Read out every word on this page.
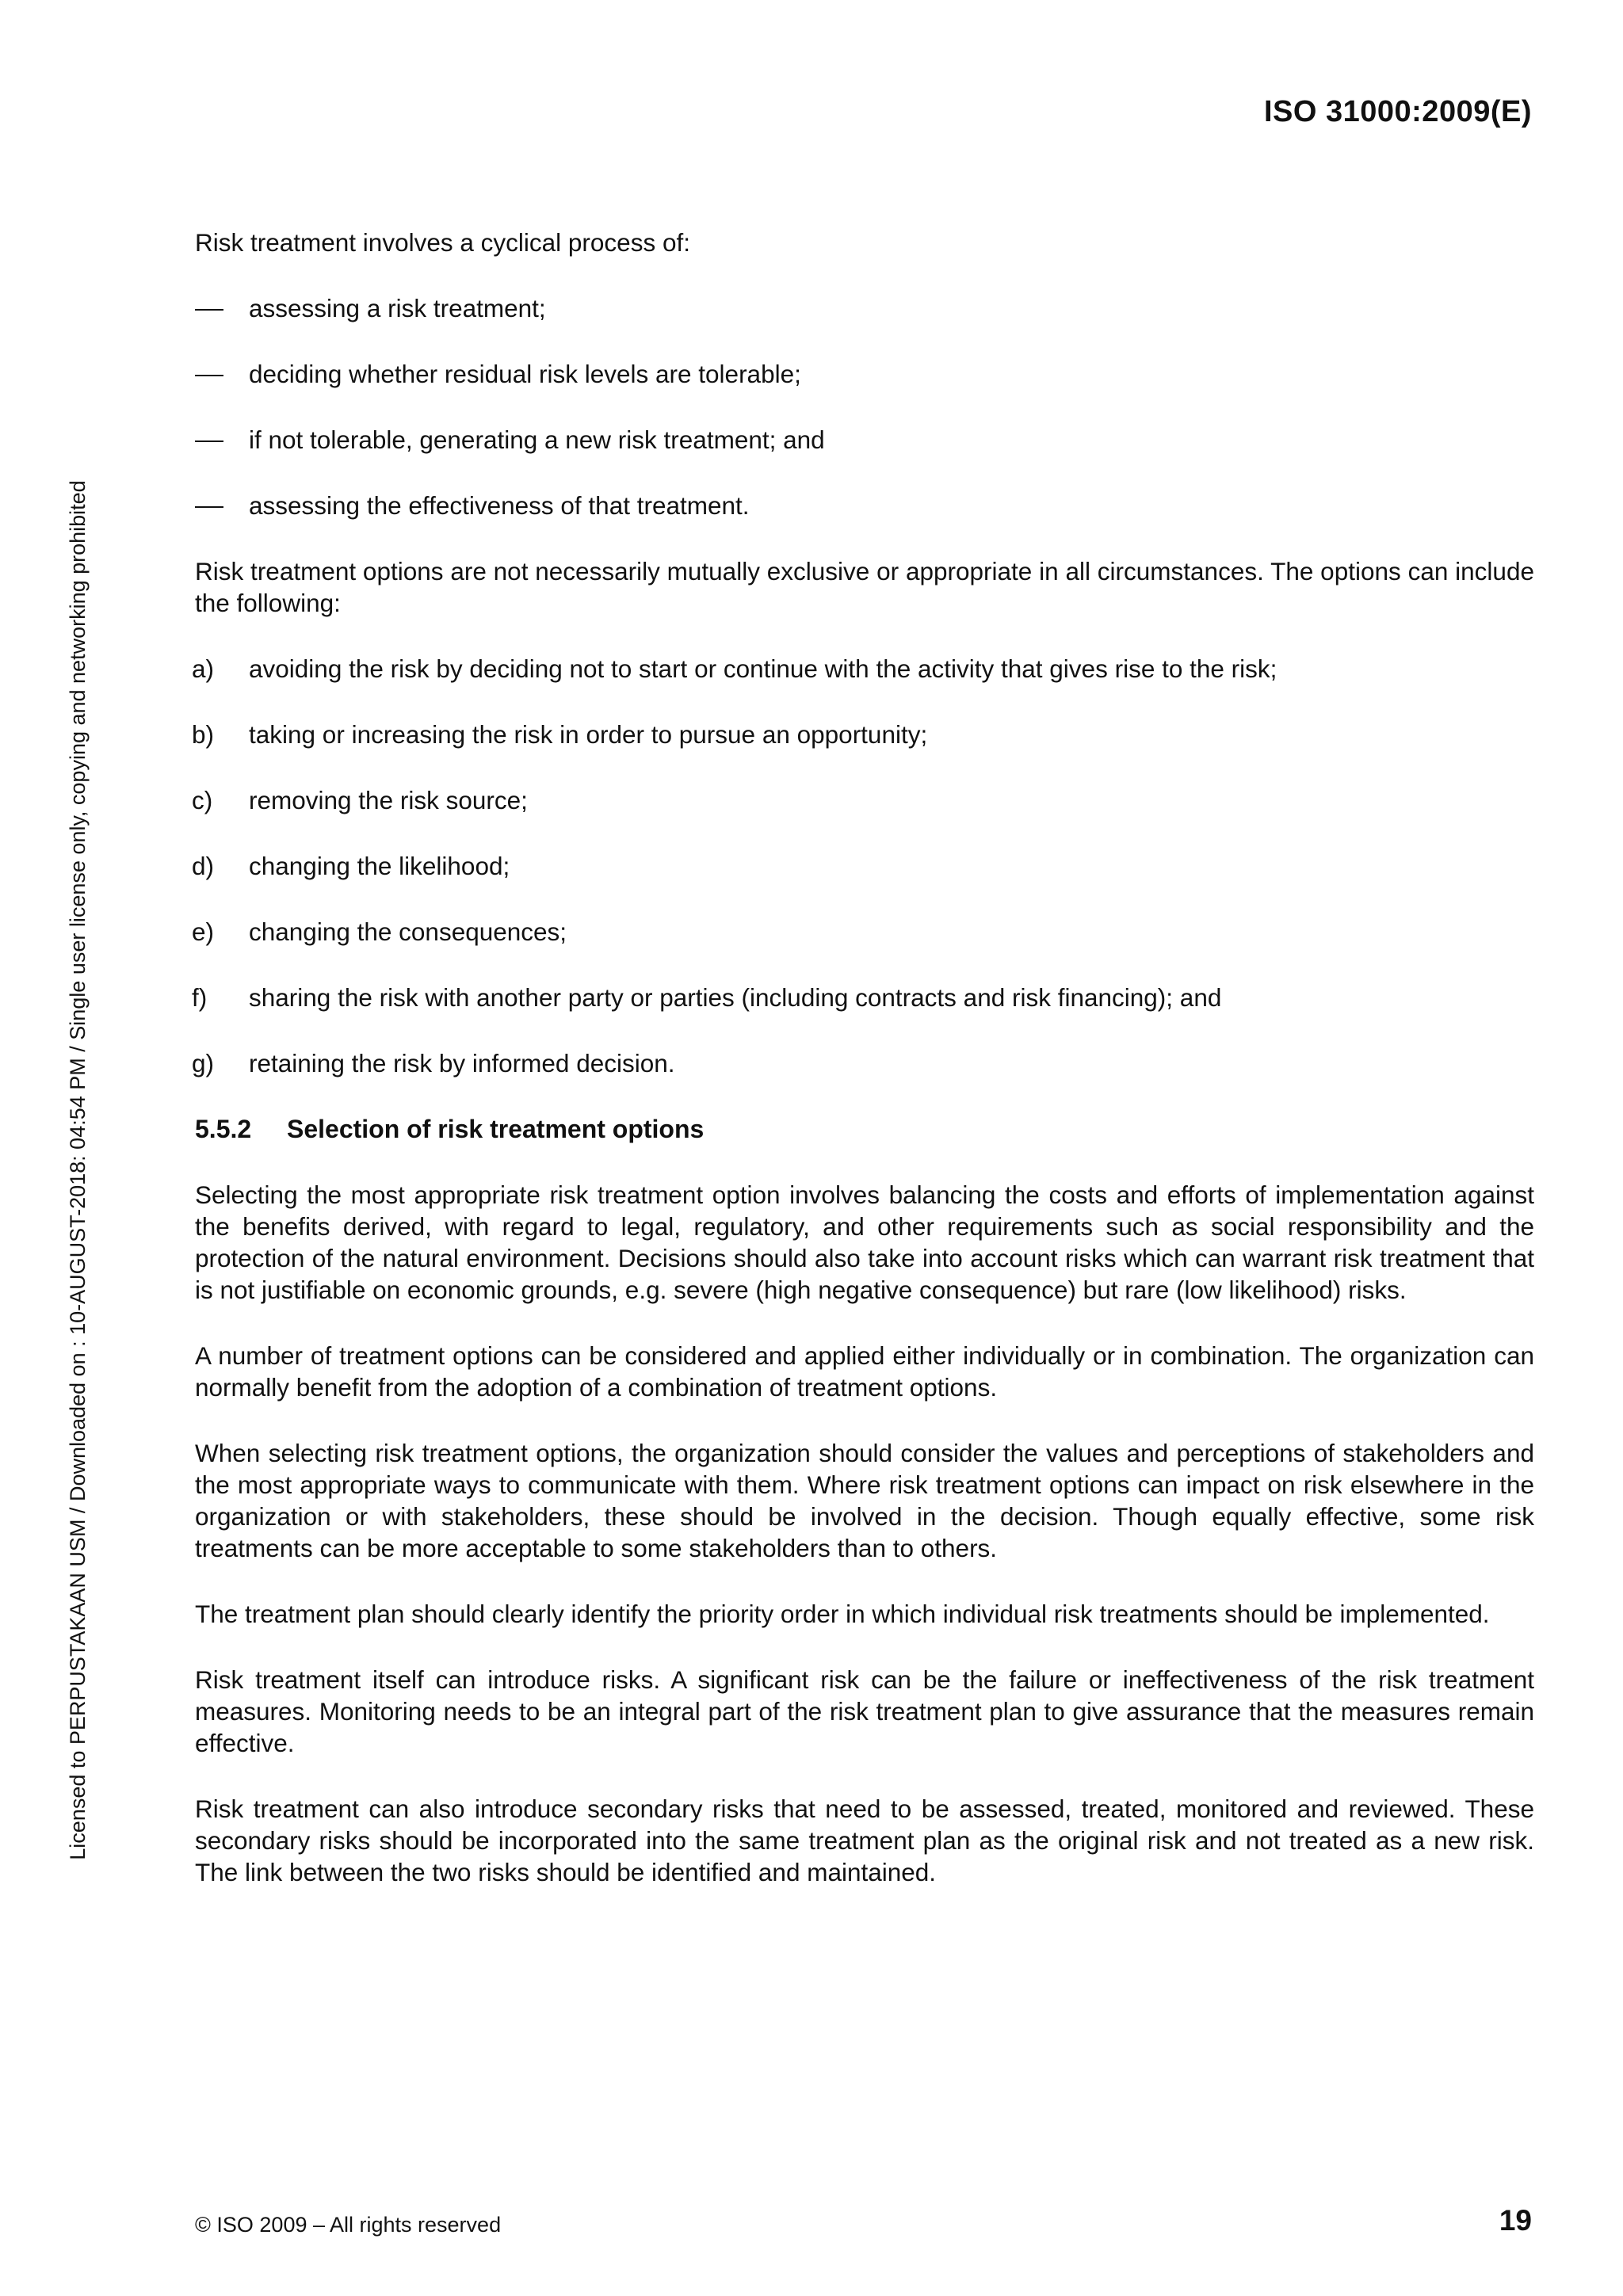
ISO 31000:2009(E)
Licensed to PERPUSTAKAAN USM / Downloaded on : 10-AUGUST-2018: 04:54 PM / Single user license only, copying and networking prohibited

Risk treatment involves a cyclical process of:

assessing a risk treatment;
deciding whether residual risk levels are tolerable;
if not tolerable, generating a new risk treatment; and
assessing the effectiveness of that treatment.

Risk treatment options are not necessarily mutually exclusive or appropriate in all circumstances. The options can include the following:

a) avoiding the risk by deciding not to start or continue with the activity that gives rise to the risk;
b) taking or increasing the risk in order to pursue an opportunity;
c) removing the risk source;
d) changing the likelihood;
e) changing the consequences;
f) sharing the risk with another party or parties (including contracts and risk financing); and
g) retaining the risk by informed decision.
5.5.2 Selection of risk treatment options

Selecting the most appropriate risk treatment option involves balancing the costs and efforts of implementation against the benefits derived, with regard to legal, regulatory, and other requirements such as social responsibility and the protection of the natural environment. Decisions should also take into account risks which can warrant risk treatment that is not justifiable on economic grounds, e.g. severe (high negative consequence) but rare (low likelihood) risks.

A number of treatment options can be considered and applied either individually or in combination. The organization can normally benefit from the adoption of a combination of treatment options.

When selecting risk treatment options, the organization should consider the values and perceptions of stakeholders and the most appropriate ways to communicate with them. Where risk treatment options can impact on risk elsewhere in the organization or with stakeholders, these should be involved in the decision. Though equally effective, some risk treatments can be more acceptable to some stakeholders than to others.

The treatment plan should clearly identify the priority order in which individual risk treatments should be implemented.

Risk treatment itself can introduce risks. A significant risk can be the failure or ineffectiveness of the risk treatment measures. Monitoring needs to be an integral part of the risk treatment plan to give assurance that the measures remain effective.

Risk treatment can also introduce secondary risks that need to be assessed, treated, monitored and reviewed. These secondary risks should be incorporated into the same treatment plan as the original risk and not treated as a new risk. The link between the two risks should be identified and maintained.

© ISO 2009 – All rights reserved	19
